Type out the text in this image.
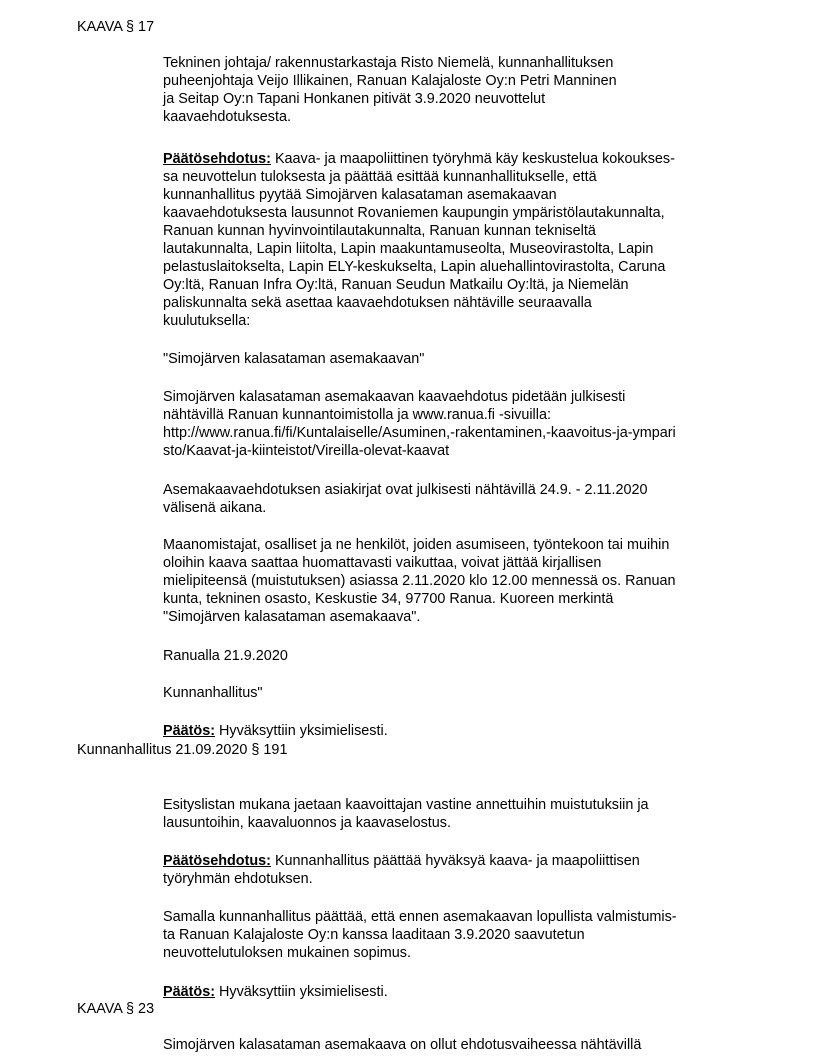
KAAVA § 17
Tekninen johtaja/ rakennustarkastaja Risto Niemelä, kunnanhallituksen
puheenjohtaja Veijo Illikainen, Ranuan Kalajaloste Oy:n Petri Manninen
ja Seitap Oy:n Tapani Honkanen pitivät 3.9.2020 neuvottelut
kaavaehdotuksesta.
Päätösehdotus: Kaava- ja maapoliittinen työryhmä käy keskustelua kokoukses-
sa neuvottelun tuloksesta ja päättää esittää kunnanhallitukselle, että
kunnanhallitus pyytää Simojärven kalasataman asemakaavan
kaavaehdotuksesta lausunnot Rovaniemen kaupungin ympäristölautakunnalta,
Ranuan kunnan hyvinvointilautakunnalta, Ranuan kunnan tekniseltä
lautakunnalta, Lapin liitolta, Lapin maakuntamuseolta, Museovirastolta, Lapin
pelastuslaitokselta, Lapin ELY-keskukselta, Lapin aluehallintovirastolta, Caruna
Oy:ltä, Ranuan Infra Oy:ltä, Ranuan Seudun Matkailu Oy:ltä, ja Niemelän
paliskunnalta sekä asettaa kaavaehdotuksen nähtäville seuraavalla
kuulutuksella:
"Simojärven kalasataman asemakaavan"
Simojärven kalasataman asemakaavan kaavaehdotus pidetään julkisesti
nähtävillä Ranuan kunnantoimistolla ja www.ranua.fi -sivuilla:
http://www.ranua.fi/fi/Kuntalaiselle/Asuminen,-rakentaminen,-kaavoitus-ja-ympari
sto/Kaavat-ja-kiinteistot/Vireilla-olevat-kaavat
Asemakaavaehdotuksen asiakirjat ovat julkisesti nähtävillä 24.9. - 2.11.2020
välisenä aikana.
Maanomistajat, osalliset ja ne henkilöt, joiden asumiseen, työntekoon tai muihin
oloihin kaava saattaa huomattavasti vaikuttaa, voivat jättää kirjallisen
mielipiteensä (muistutuksen) asiassa 2.11.2020 klo 12.00 mennessä os. Ranuan
kunta, tekninen osasto, Keskustie 34, 97700 Ranua. Kuoreen merkintä
"Simojärven kalasataman asemakaava".
Ranualla 21.9.2020
Kunnanhallitus"
Päätös: Hyväksyttiin yksimielisesti.
Kunnanhallitus 21.09.2020 § 191
Esityslistan mukana jaetaan kaavoittajan vastine annettuihin muistutuksiin ja
lausuntoihin, kaavaluonnos ja kaavaselostus.
Päätösehdotus: Kunnanhallitus päättää hyväksyä kaava- ja maapoliittisen
työryhmän ehdotuksen.
Samalla kunnanhallitus päättää, että ennen asemakaavan lopullista valmistumis-
ta Ranuan Kalajaloste Oy:n kanssa laaditaan 3.9.2020 saavutetun
neuvottelutuloksen mukainen sopimus.
Päätös: Hyväksyttiin yksimielisesti.
KAAVA § 23
Simojärven kalasataman asemakaava on ollut ehdotusvaiheessa nähtävillä
